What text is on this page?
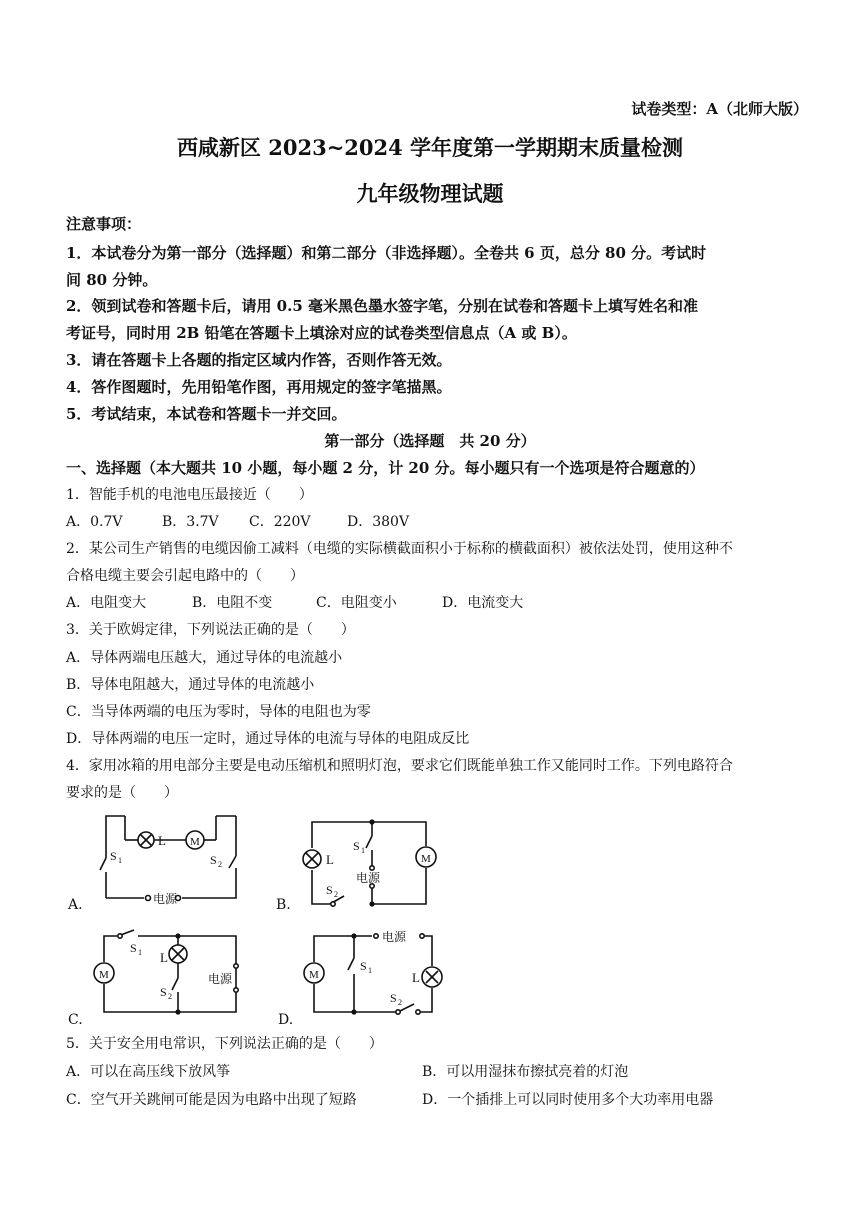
试卷类型：A（北师大版）
西咸新区 2023~2024 学年度第一学期期末质量检测
九年级物理试题
注意事项：
1．本试卷分为第一部分（选择题）和第二部分（非选择题）。全卷共 6 页，总分 80 分。考试时
间 80 分钟。
2．领到试卷和答题卡后，请用 0.5 毫米黑色墨水签字笔，分别在试卷和答题卡上填写姓名和准
考证号，同时用 2B 铅笔在答题卡上填涂对应的试卷类型信息点（A 或 B）。
3．请在答题卡上各题的指定区域内作答，否则作答无效。
4．答作图题时，先用铅笔作图，再用规定的签字笔描黑。
5．考试结束，本试卷和答题卡一并交回。
第一部分（选择题　共 20 分）
一、选择题（本大题共 10 小题，每小题 2 分，计 20 分。每小题只有一个选项是符合题意的）
1．智能手机的电池电压最接近（　　）
A．0.7V	B．3.7V C．220V	D．380V
2．某公司生产销售的电缆因偷工减料（电缆的实际横截面积小于标称的横截面积）被依法处罚，使用这种不
合格电缆主要会引起电路中的（　　）
A．电阻变大	B．电阻不变	C．电阻变小	D．电流变大
3．关于欧姆定律，下列说法正确的是（　　）
A．导体两端电压越大，通过导体的电流越小
B．导体电阻越大，通过导体的电流越小
C．当导体两端的电压为零时，导体的电阻也为零
D．导体两端的电压一定时，通过导体的电流与导体的电阻成反比
4．家用冰箱的用电部分主要是电动压缩机和照明灯泡，要求它们既能单独工作又能同时工作。下列电路符合
要求的是（　　）
A.
L M
S 1	S 2
电源	B.
L	M
S 1
电源
S 2
C.
M
S 1 L
S 2
电源
D.
电源
M
S 1	L
S 2
5．关于安全用电常识，下列说法正确的是（　　）
A．可以在高压线下放风筝	B．可以用湿抹布擦拭亮着的灯泡
C．空气开关跳闸可能是因为电路中出现了短路	D．一个插排上可以同时使用多个大功率用电器
